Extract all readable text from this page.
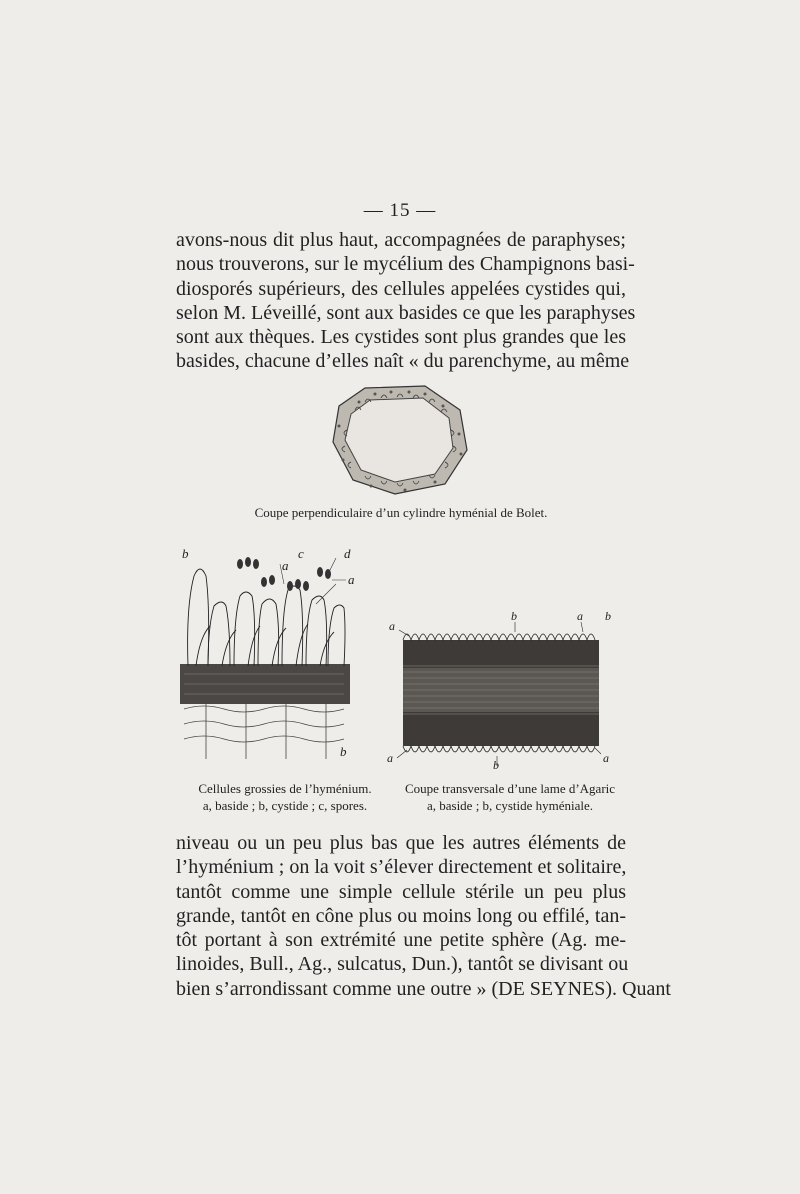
— 15 —

avons-nous dit plus haut, accompagnées de paraphyses;
nous trouverons, sur le mycélium des Champignons basi-
diosporés supérieurs, des cellules appelées cystides qui,
selon M. Léveillé, sont aux basides ce que les paraphyses
sont aux thèques. Les cystides sont plus grandes que les
basides, chacune d’elles naît « du parenchyme, au même

Coupe perpendiculaire d’un cylindre hyménial de Bolet.
b
a
c	d
a
b
a
b	a b
a	b	a
Cellules grossies de l’hyménium.
a, baside ; b, cystide ; c, spores.
Coupe transversale d’une lame d’Agaric
a, baside ; b, cystide hyméniale.

niveau ou un peu plus bas que les autres éléments de
l’hyménium ; on la voit s’élever directement et solitaire,
tantôt comme une simple cellule stérile un peu plus
grande, tantôt en cône plus ou moins long ou effilé, tan-
tôt portant à son extrémité une petite sphère (Ag. me-
linoides, Bull., Ag., sulcatus, Dun.), tantôt se divisant ou
bien s’arrondissant comme une outre » (DE SEYNES). Quant
